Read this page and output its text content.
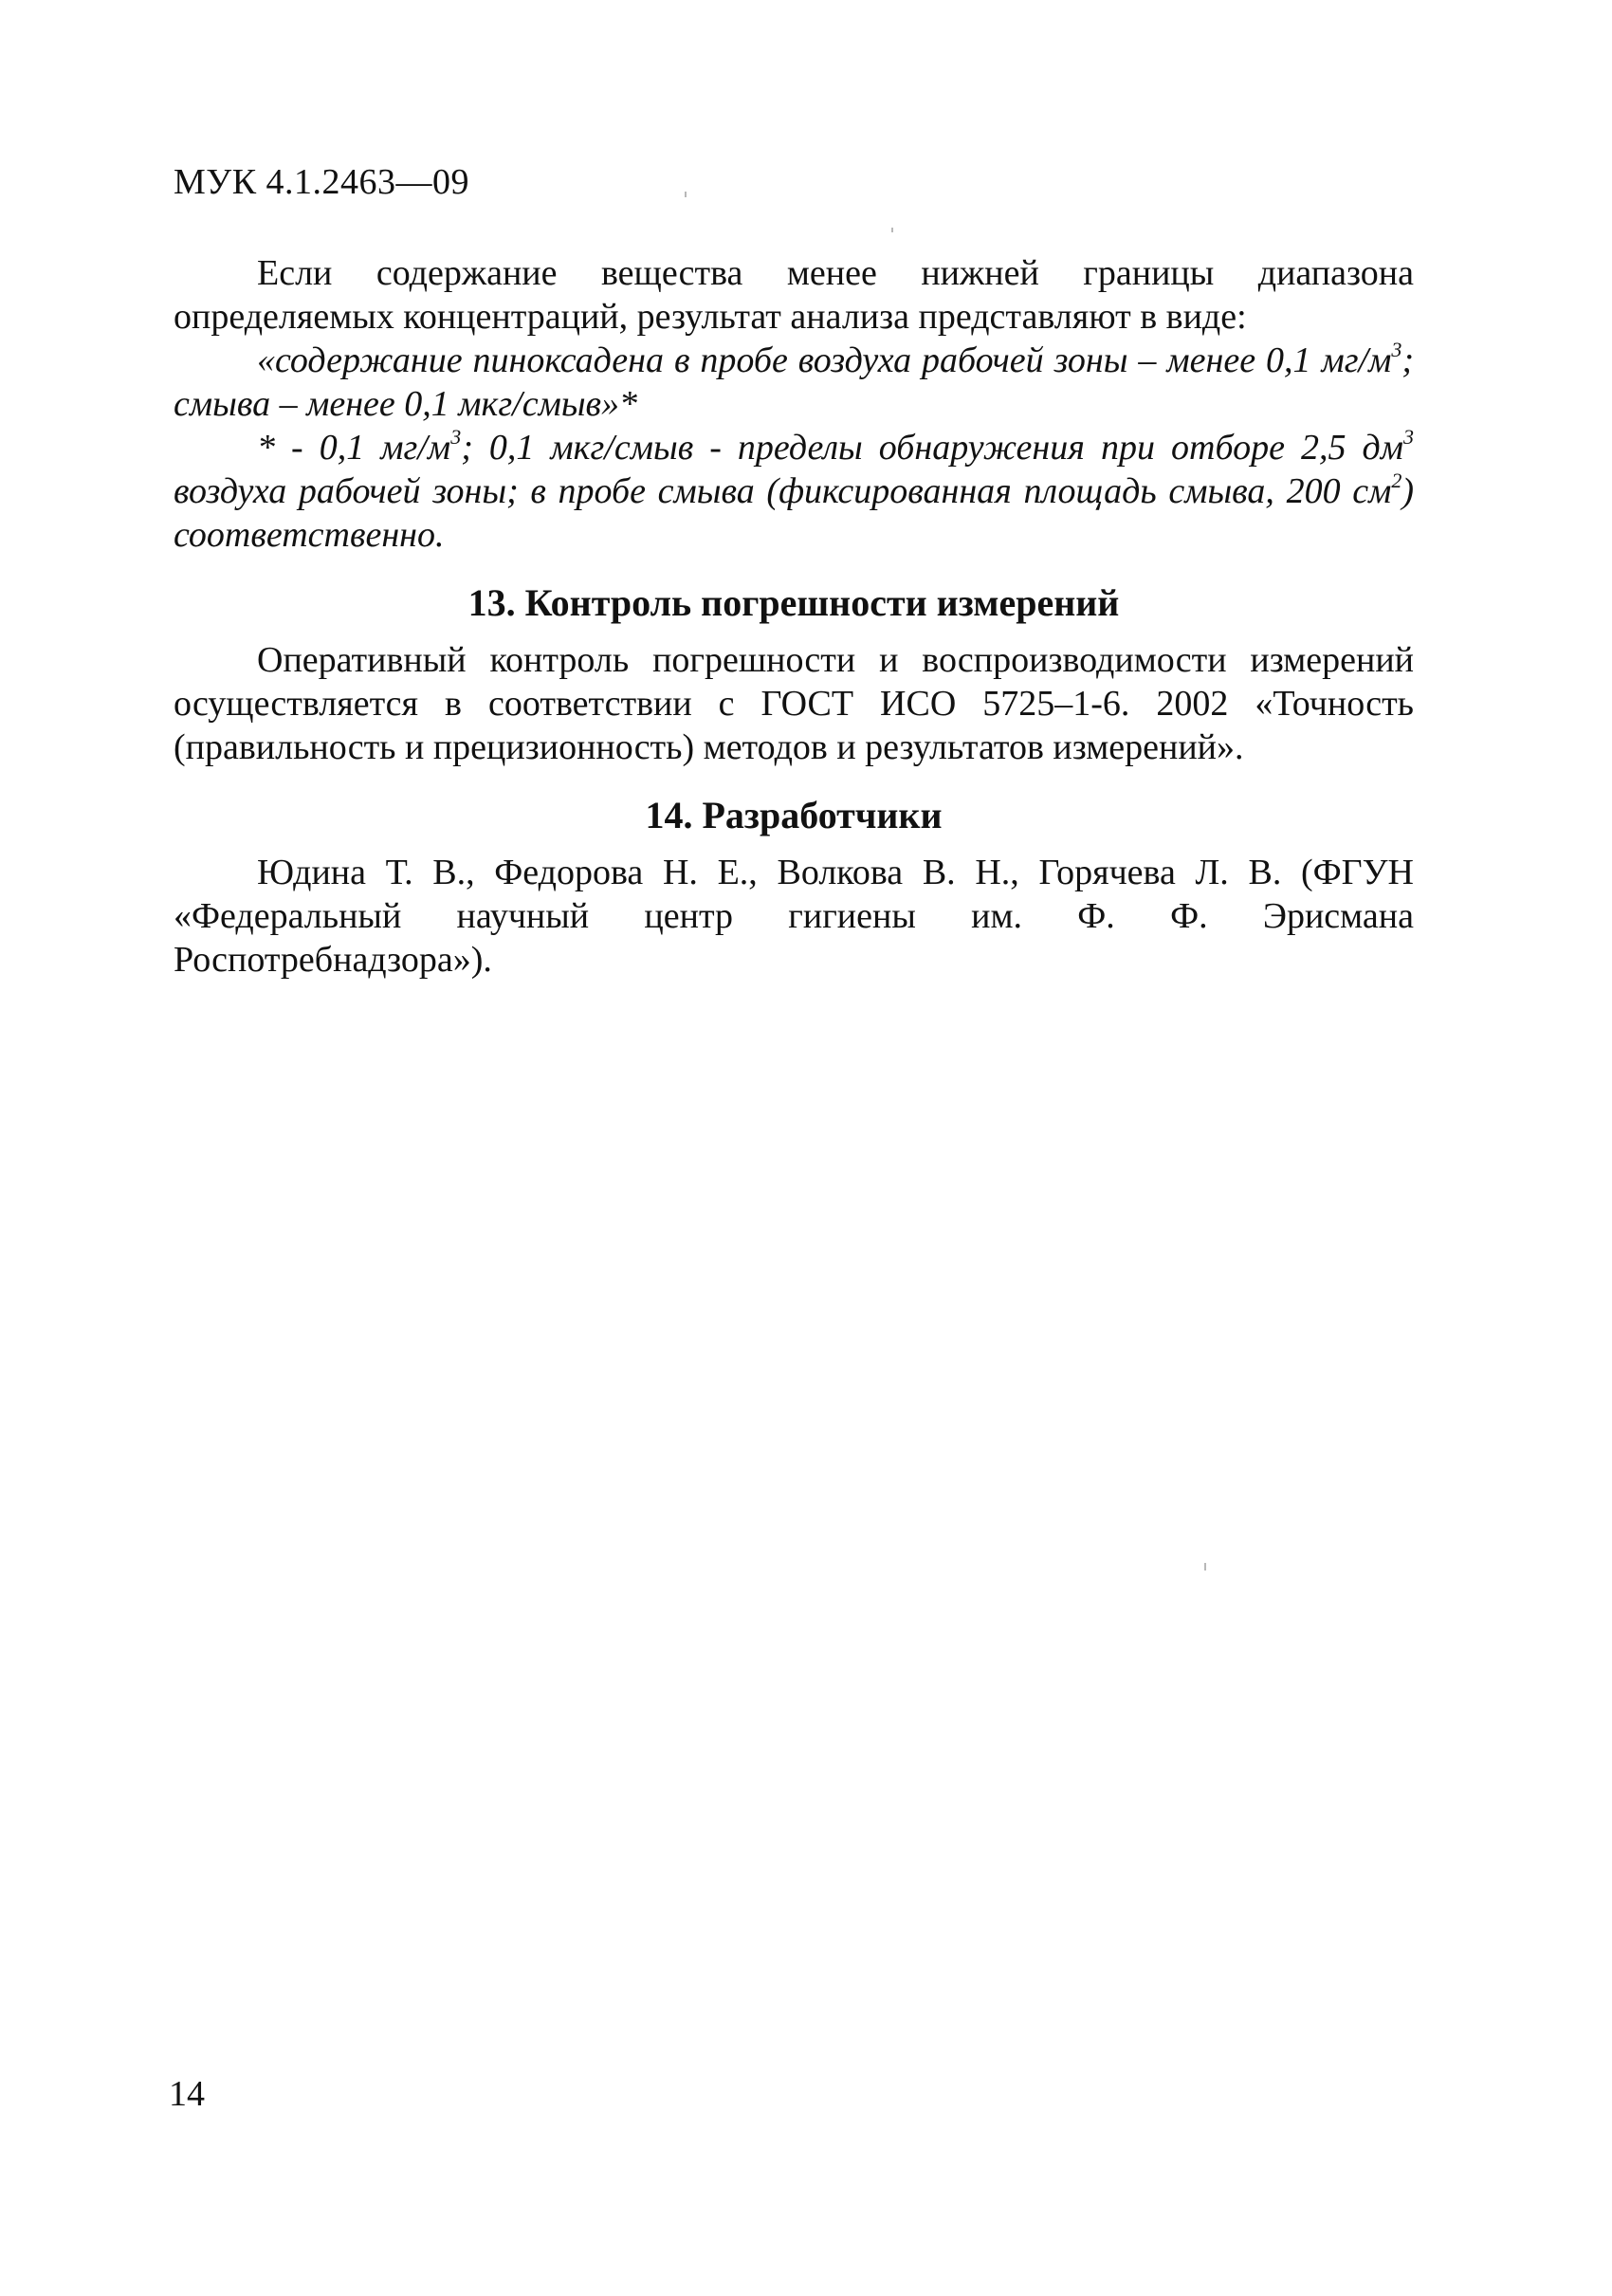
МУК 4.1.2463—09

Если содержание вещества менее нижней границы диапазона определяемых концентраций, результат анализа представляют в виде:

«содержание пиноксадена в пробе воздуха рабочей зоны – менее 0,1 $мг/м^3$; смыва – менее 0,1 мкг/смыв»*

* - 0,1 $мг/м^3$; 0,1 мкг/смыв - пределы обнаружения при отборе 2,5 $дм^3$ воздуха рабочей зоны; в пробе смыва (фиксированная площадь смыва, 200 $см^2$) соответственно.

13. Контроль погрешности измерений

Оперативный контроль погрешности и воспроизводимости измерений осуществляется в соответствии с ГОСТ ИСО 5725–1-6. 2002 «Точность (правильность и прецизионность) методов и результатов измерений».

14. Разработчики

Юдина Т. В., Федорова Н. Е., Волкова В. Н., Горячева Л. В. (ФГУН «Федеральный научный центр гигиены им. Ф. Ф. Эрисмана Роспотребнадзора»).

14
